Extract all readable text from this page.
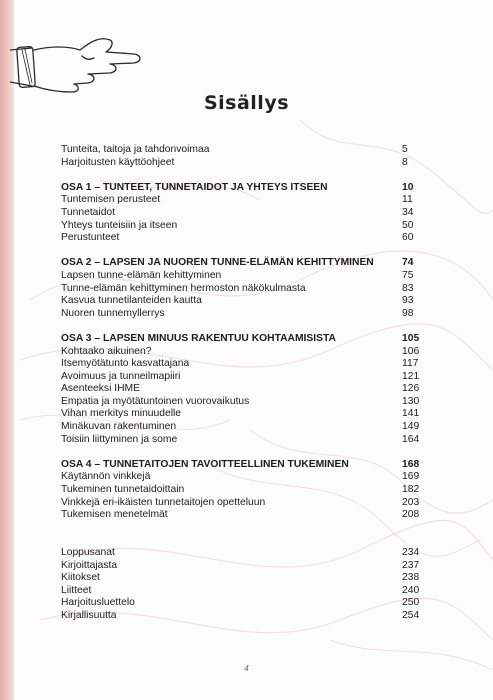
Sisällys
Tunteita, taitoja ja tahdonvoimaa	5
Harjoitusten käyttöohjeet	8
OSA 1 – TUNTEET, TUNNETAIDOT JA YHTEYS ITSEEN	10
Tuntemisen perusteet	11
Tunnetaidot	34
Yhteys tunteisiin ja itseen	50
Perustunteet	60
OSA 2 – LAPSEN JA NUOREN TUNNE-ELÄMÄN KEHITTYMINEN	74
Lapsen tunne-elämän kehittyminen	75
Tunne-elämän kehittyminen hermoston näkökulmasta	83
Kasvua tunnetilanteiden kautta	93
Nuoren tunnemyllerrys	98
OSA 3 – LAPSEN MINUUS RAKENTUU KOHTAAMISISTA	105
Kohtaako aikuinen?	106
Itsemyötätunto kasvattajana	117
Avoimuus ja tunneilmapiiri	121
Asenteeksi IHME	126
Empatia ja myötätuntoinen vuorovaikutus	130
Vihan merkitys minuudelle	141
Minäkuvan rakentuminen	149
Toisiin liittyminen ja some	164
OSA 4 – TUNNETAITOJEN TAVOITTEELLINEN TUKEMINEN	168
Käytännön vinkkejä	169
Tukeminen tunnetaidoittain	182
Vinkkejä eri-ikäisten tunnetaitojen opetteluun	203
Tukemisen menetelmät	208
Loppusanat	234
Kirjoittajasta	237
Kiitokset	238
Liitteet	240
Harjoitusluettelo	250
Kirjallisuutta	254
4
